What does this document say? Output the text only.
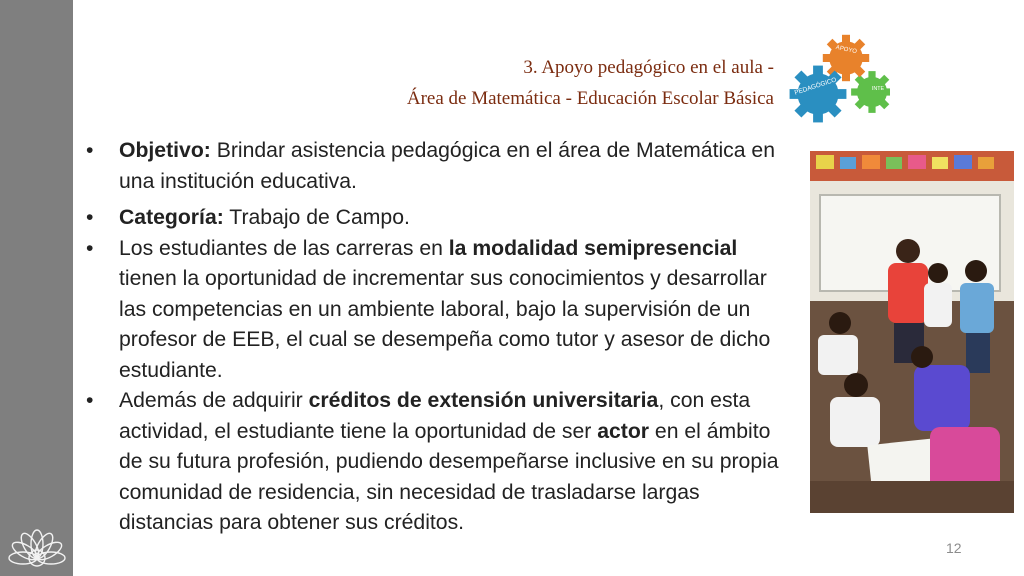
3. Apoyo pedagógico en el aula -
Área de Matemática - Educación Escolar Básica
APOYO
PEDAGÓGICO	INTE
• Objetivo: Brindar asistencia pedagógica en el área de Matemática en una institución educativa.
• Categoría: Trabajo de Campo.
• Los estudiantes de las carreras en la modalidad semipresencial tienen la oportunidad de incrementar sus conocimientos y desarrollar las competencias en un ambiente laboral, bajo la supervisión de un profesor de EEB, el cual se desempeña como tutor y asesor de dicho estudiante.
• Además de adquirir créditos de extensión universitaria, con esta actividad, el estudiante tiene la oportunidad de ser actor en el ámbito de su futura profesión, pudiendo desempeñarse inclusive en su propia comunidad de residencia, sin necesidad de trasladarse largas distancias para obtener sus créditos.
12
